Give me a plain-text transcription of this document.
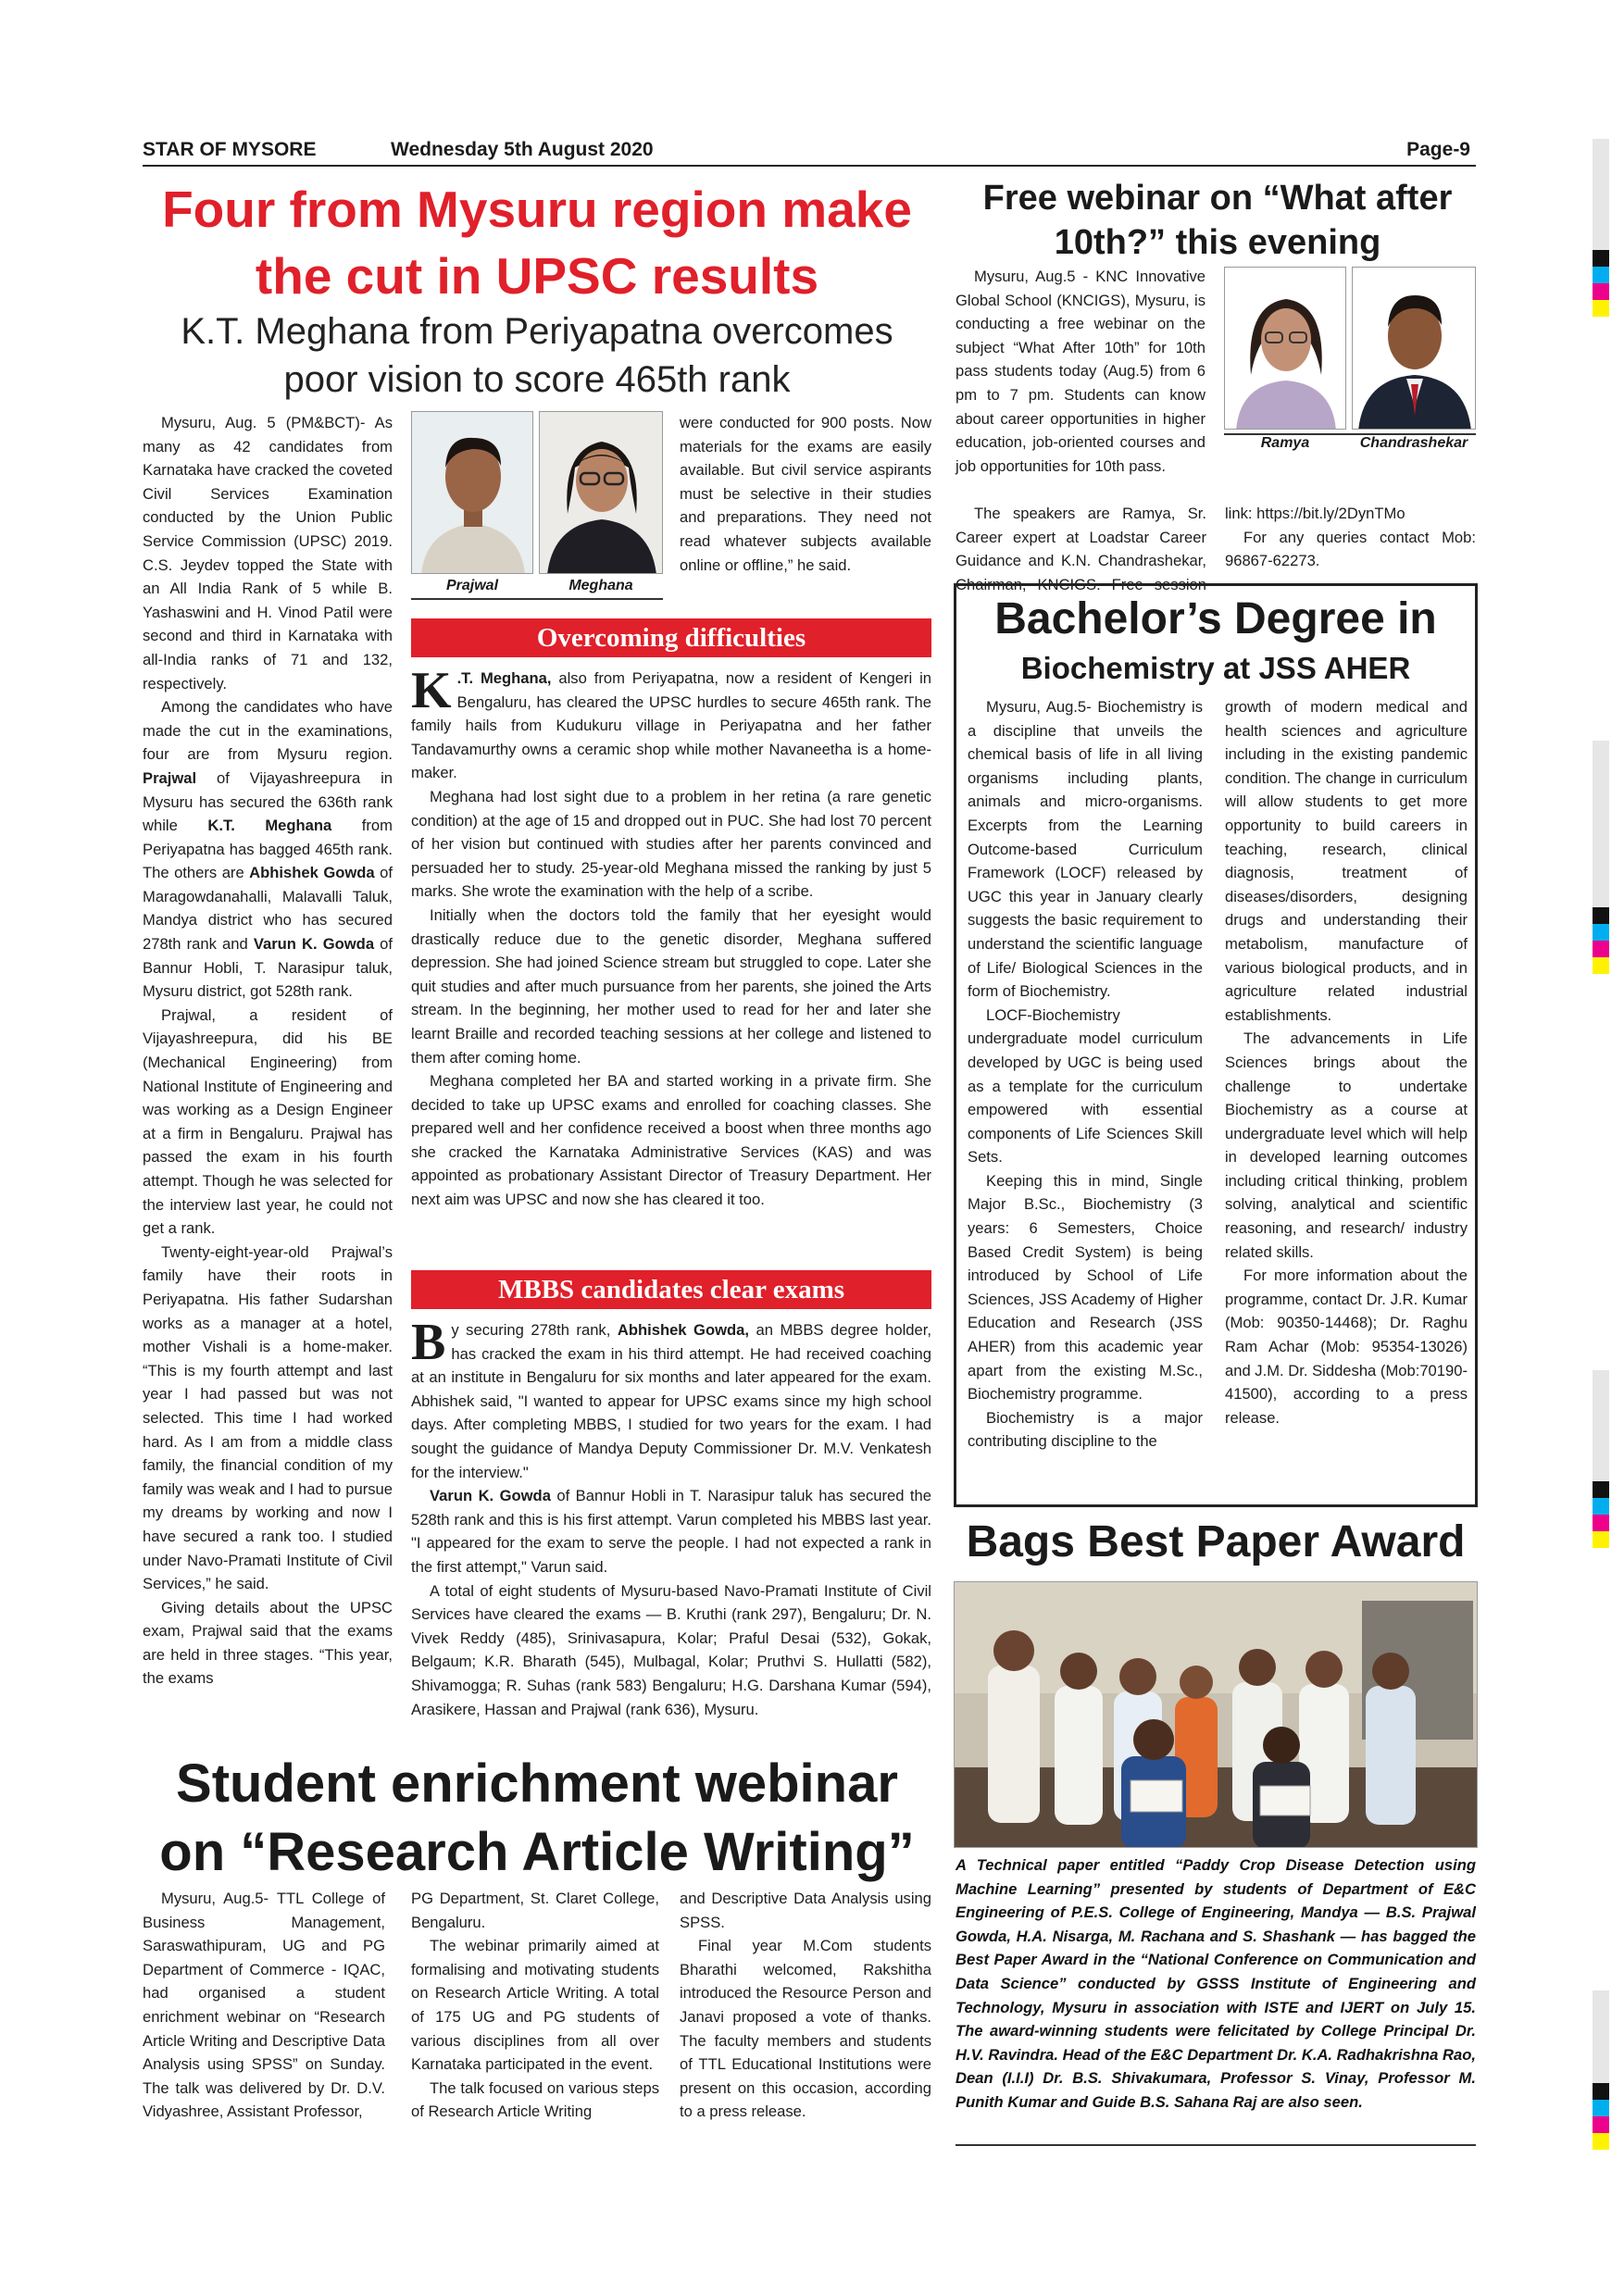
STAR OF MYSORE	Wednesday 5th August 2020	Page-9
Four from Mysuru region make
the cut in UPSC results
K.T. Meghana from Periyapatna overcomes
poor vision to score 465th rank

Mysuru, Aug. 5 (PM&BCT)- As many as 42 candidates from Karnataka have cracked the coveted Civil Services Examination conducted by the Union Public Service Commission (UPSC) 2019. C.S. Jeydev topped the State with an All India Rank of 5 while B. Yashaswini and H. Vinod Patil were second and third in Karnataka with all-India ranks of 71 and 132, respectively.

Among the candidates who have made the cut in the examinations, four are from Mysuru region. Prajwal of Vijayashreepura in Mysuru has secured the 636th rank while K.T. Meghana from Periyapatna has bagged 465th rank. The others are Abhishek Gowda of Maragowdanahalli, Malavalli Taluk, Mandya district who has secured 278th rank and Varun K. Gowda of Bannur Hobli, T. Narasipur taluk, Mysuru district, got 528th rank.

Prajwal, a resident of Vijayashreepura, did his BE (Mechanical Engineering) from National Institute of Engineering and was working as a Design Engineer at a firm in Bengaluru. Prajwal has passed the exam in his fourth attempt. Though he was selected for the interview last year, he could not get a rank.

Twenty-eight-year-old Prajwal’s family have their roots in Periyapatna. His father Sudarshan works as a manager at a hotel, mother Vishali is a home-maker. “This is my fourth attempt and last year I had passed but was not selected. This time I had worked hard. As I am from a middle class family, the financial condition of my family was weak and I had to pursue my dreams by working and now I have secured a rank too. I studied under Navo-Pramati Institute of Civil Services,” he said.

Giving details about the UPSC exam, Prajwal said that the exams are held in three stages. “This year, the exams

Prajwal	Meghana

were conducted for 900 posts. Now materials for the exams are easily available. But civil service aspirants must be selective in their studies and preparations. They need not read whatever subjects available online or offline,” he said.

Overcoming difficulties

K .T. Meghana, also from Periyapatna, now a resident of Kengeri in Bengaluru, has cleared the UPSC hurdles to secure 465th rank. The family hails from Kudukuru village in Periyapatna and her father Tandavamurthy owns a ceramic shop while mother Navaneetha is a home-maker.

Meghana had lost sight due to a problem in her retina (a rare genetic condition) at the age of 15 and dropped out in PUC. She had lost 70 percent of her vision but continued with studies after her parents convinced and persuaded her to study. 25-year-old Meghana missed the ranking by just 5 marks. She wrote the examination with the help of a scribe.

Initially when the doctors told the family that her eyesight would drastically reduce due to the genetic disorder, Meghana suffered depression. She had joined Science stream but struggled to cope. Later she quit studies and after much pursuance from her parents, she joined the Arts stream. In the beginning, her mother used to read for her and later she learnt Braille and recorded teaching sessions at her college and listened to them after coming home.

Meghana completed her BA and started working in a private firm. She decided to take up UPSC exams and enrolled for coaching classes. She prepared well and her confidence received a boost when three months ago she cracked the Karnataka Administrative Services (KAS) and was appointed as probationary Assistant Director of Treasury Department. Her next aim was UPSC and now she has cleared it too.

MBBS candidates clear exams

By securing 278th rank, Abhishek Gowda, an MBBS degree holder, has cracked the exam in his third attempt. He had received coaching at an institute in Bengaluru for six months and later appeared for the exam. Abhishek said, "I wanted to appear for UPSC exams since my high school days. After completing MBBS, I studied for two years for the exam. I had sought the guidance of Mandya Deputy Commissioner Dr. M.V. Venkatesh for the interview."

Varun K. Gowda of Bannur Hobli in T. Narasipur taluk has secured the 528th rank and this is his first attempt. Varun completed his MBBS last year. "I appeared for the exam to serve the people. I had not expected a rank in the first attempt," Varun said.

A total of eight students of Mysuru-based Navo-Pramati Institute of Civil Services have cleared the exams — B. Kruthi (rank 297), Bengaluru; Dr. N. Vivek Reddy (485), Srinivasapura, Kolar; Praful Desai (532), Gokak, Belgaum; K.R. Bharath (545), Mulbagal, Kolar; Pruthvi S. Hullatti (582), Shivamogga; R. Suhas (rank 583) Bengaluru; H.G. Darshana Kumar (594), Arasikere, Hassan and Prajwal (rank 636), Mysuru.

Free webinar on “What after
10th?” this evening

Mysuru, Aug.5 - KNC Innovative Global School (KNCIGS), Mysuru, is conducting a free webinar on the subject “What After 10th” for 10th pass students today (Aug.5) from 6 pm to 7 pm. Students can know about career opportunities in higher education, job-oriented courses and job opportunities for 10th pass.

Ramya	Chandrashekar

The speakers are Ramya, Sr. Career expert at Loadstar Career Guidance and K.N. Chandrashekar, Chairman, KNCIGS. Free session link: https://bit.ly/2DynTMo
For any queries contact Mob: 96867-62273.

Bachelor’s Degree in
Biochemistry at JSS AHER

Mysuru, Aug.5- Biochemistry is a discipline that unveils the chemical basis of life in all living organisms including plants, animals and micro-organisms. Excerpts from the Learning Outcome-based Curriculum Framework (LOCF) released by UGC this year in January clearly suggests the basic requirement to understand the scientific language of Life/ Biological Sciences in the form of Biochemistry.

LOCF-Biochemistry undergraduate model curriculum developed by UGC is being used as a template for the curriculum empowered with essential components of Life Sciences Skill Sets.

Keeping this in mind, Single Major B.Sc., Biochemistry (3 years: 6 Semesters, Choice Based Credit System) is being introduced by School of Life Sciences, JSS Academy of Higher Education and Research (JSS AHER) from this academic year apart from the existing M.Sc., Biochemistry programme.

Biochemistry is a major contributing discipline to the

growth of modern medical and health sciences and agriculture including in the existing pandemic condition. The change in curriculum will allow students to get more opportunity to build careers in teaching, research, clinical diagnosis, treatment of diseases/disorders, designing drugs and understanding their metabolism, manufacture of various biological products, and in agriculture related industrial establishments.

The advancements in Life Sciences brings about the challenge to undertake Biochemistry as a course at undergraduate level which will help in developed learning outcomes including critical thinking, problem solving, analytical and scientific reasoning, and research/ industry related skills.

For more information about the programme, contact Dr. J.R. Kumar (Mob: 90350-14468); Dr. Raghu Ram Achar (Mob: 95354-13026) and J.M. Dr. Siddesha (Mob:70190-41500), according to a press release.

Bags Best Paper Award
A Technical paper entitled “Paddy Crop Disease Detection using Machine Learning” presented by students of Department of E&C Engineering of P.E.S. College of Engineering, Mandya — B.S. Prajwal Gowda, H.A. Nisarga, M. Rachana and S. Shashank — has bagged the Best Paper Award in the “National Conference on Communication and Data Science” conducted by GSSS Institute of Engineering and Technology, Mysuru in association with ISTE and IJERT on July 15. The award-winning students were felicitated by College Principal Dr. H.V. Ravindra. Head of the E&C Department Dr. K.A. Radhakrishna Rao, Dean (I.I.I) Dr. B.S. Shivakumara, Professor S. Vinay, Professor M. Punith Kumar and Guide B.S. Sahana Raj are also seen.
Student enrichment webinar
on “Research Article Writing”

Mysuru, Aug.5- TTL College of Business Management, Saraswathipuram, UG and PG Department of Commerce - IQAC, had organised a student enrichment webinar on “Research Article Writing and Descriptive Data Analysis using SPSS” on Sunday. The talk was delivered by Dr. D.V. Vidyashree, Assistant Professor,

PG Department, St. Claret College, Bengaluru.

The webinar primarily aimed at formalising and motivating students on Research Article Writing. A total of 175 UG and PG students of various disciplines from all over Karnataka participated in the event.

The talk focused on various steps of Research Article Writing

and Descriptive Data Analysis using SPSS.

Final year M.Com students Bharathi welcomed, Rakshitha introduced the Resource Person and Janavi proposed a vote of thanks. The faculty members and students of TTL Educational Institutions were present on this occasion, according to a press release.
